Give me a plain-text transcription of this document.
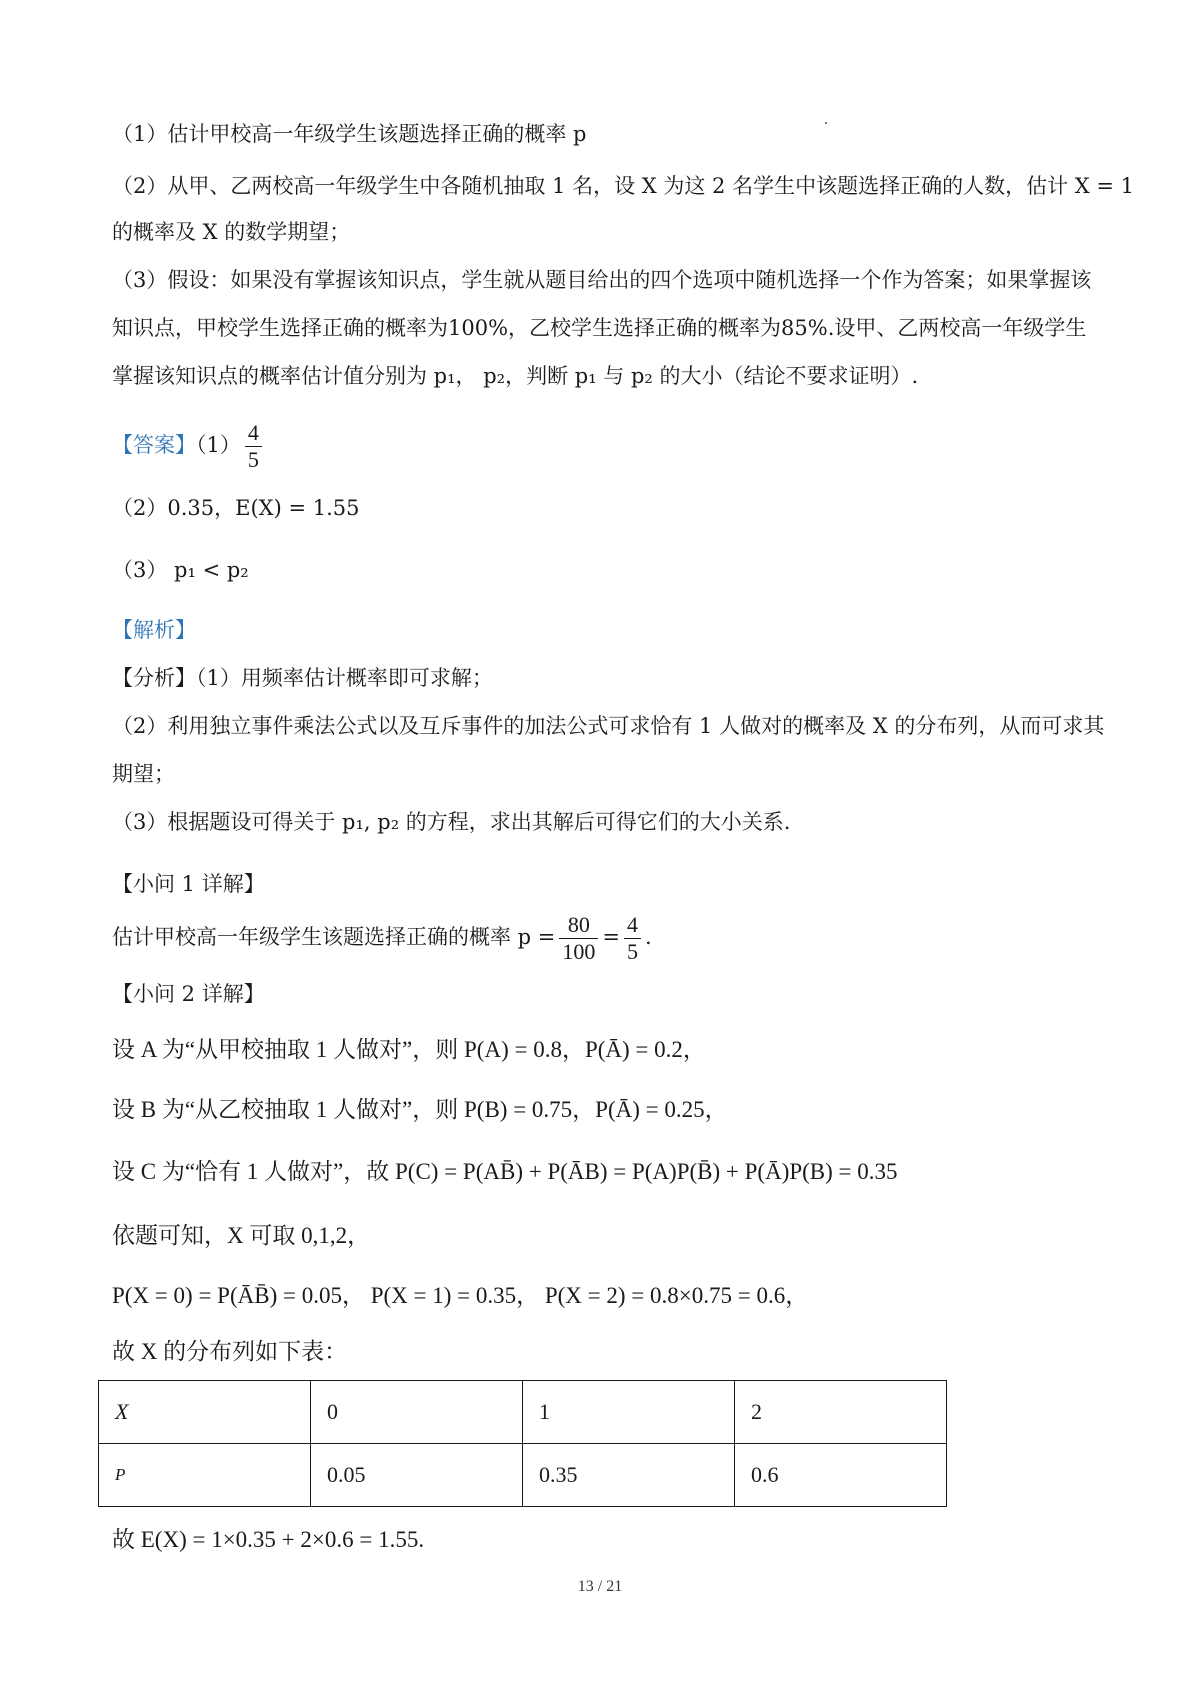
（1）估计甲校高一年级学生该题选择正确的概率 p
（2）从甲、乙两校高一年级学生中各随机抽取 1 名，设 X 为这 2 名学生中该题选择正确的人数，估计 X = 1
的概率及 X 的数学期望；
（3）假设：如果没有掌握该知识点，学生就从题目给出的四个选项中随机选择一个作为答案；如果掌握该
知识点，甲校学生选择正确的概率为100%，乙校学生选择正确的概率为85%.设甲、乙两校高一年级学生
掌握该知识点的概率估计值分别为 p₁， p₂，判断 p₁ 与 p₂ 的大小（结论不要求证明）.
【答案】$(1) \frac{4}{5}$
（2）0.35，E(X) = 1.55
（3） p₁ < p₂
【解析】
【分析】（1）用频率估计概率即可求解；
（2）利用独立事件乘法公式以及互斥事件的加法公式可求恰有 1 人做对的概率及 X 的分布列，从而可求其
期望；
（3）根据题设可得关于 p₁, p₂ 的方程，求出其解后可得它们的大小关系.
【小问 1 详解】
估计甲校高一年级学生该题选择正确的概率 $p = \frac{80}{100} = \frac{4}{5}$ .
【小问 2 详解】
设 A 为“从甲校抽取 1 人做对”，则 P(A) = 0.8，P(Ā) = 0.2，
设 B 为“从乙校抽取 1 人做对”，则 P(B) = 0.75，P(Ā) = 0.25，
设 C 为“恰有 1 人做对”，故 P(C) = P(AB̄) + P(ĀB) = P(A)P(B̄) + P(Ā)P(B) = 0.35
依题可知，X 可取 0,1,2，
P(X = 0) = P(ĀB̄) = 0.05， P(X = 1) = 0.35， P(X = 2) = 0.8×0.75 = 0.6，
故 X 的分布列如下表：
X	0	1	2
P	0.05	0.35	0.6
故 E(X) = 1×0.35 + 2×0.6 = 1.55.
13 / 21
